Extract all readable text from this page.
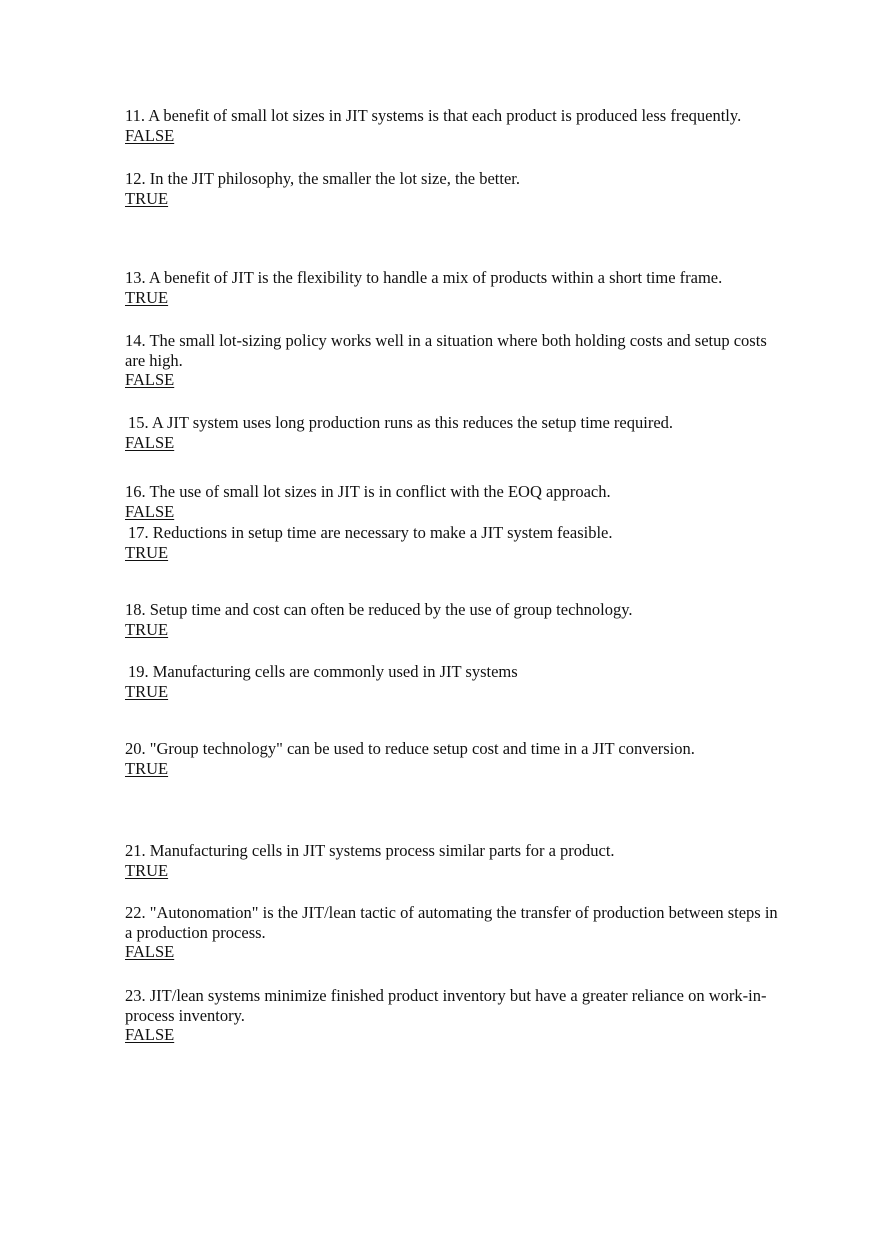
11. A benefit of small lot sizes in JIT systems is that each product is produced less frequently.
FALSE
12. In the JIT philosophy, the smaller the lot size, the better.
TRUE
13. A benefit of JIT is the flexibility to handle a mix of products within a short time frame.
TRUE
14. The small lot-sizing policy works well in a situation where both holding costs and setup costs are high.
FALSE
15. A JIT system uses long production runs as this reduces the setup time required.
FALSE
16. The use of small lot sizes in JIT is in conflict with the EOQ approach.
FALSE
17. Reductions in setup time are necessary to make a JIT system feasible.
TRUE
18. Setup time and cost can often be reduced by the use of group technology.
TRUE
19. Manufacturing cells are commonly used in JIT systems
TRUE
20. "Group technology" can be used to reduce setup cost and time in a JIT conversion.
TRUE
21. Manufacturing cells in JIT systems process similar parts for a product.
TRUE
22. "Autonomation" is the JIT/lean tactic of automating the transfer of production between steps in a production process.
FALSE
23. JIT/lean systems minimize finished product inventory but have a greater reliance on work-in-process inventory.
FALSE
